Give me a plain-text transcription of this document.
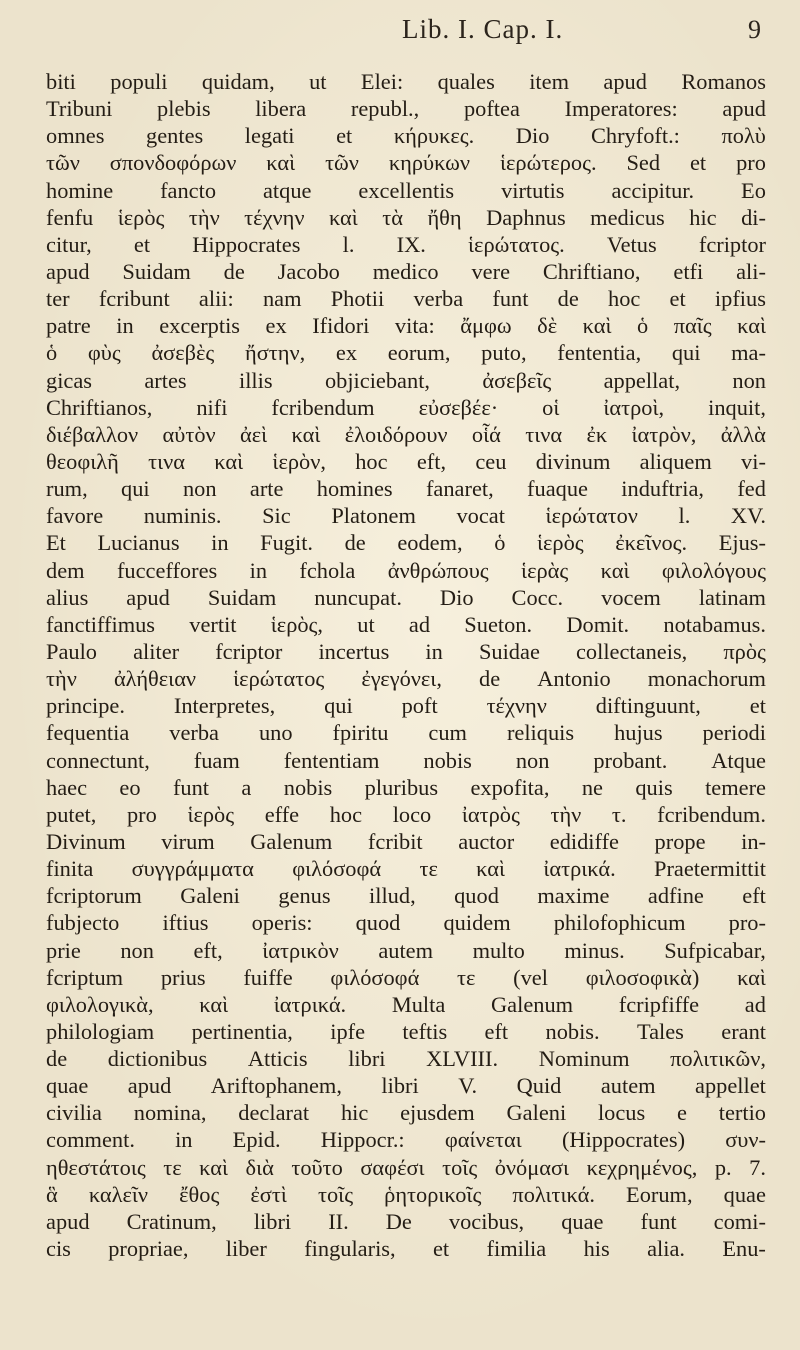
Lib. I. Cap. I.	9
biti populi quidam, ut Elei: quales item apud Romanos
Tribuni plebis libera republ., poftea Imperatores: apud
omnes gentes legati et κήρυκες. Dio Chryfoft.: πολὺ
τῶν σπονδοφόρων καὶ τῶν κηρύκων ἱερώτερος. Sed et pro
homine fancto atque excellentis virtutis accipitur. Eo
fenfu ἱερὸς τὴν τέχνην καὶ τὰ ἤθη Daphnus medicus hic di-
citur, et Hippocrates l. IX. ἱερώτατος. Vetus fcriptor
apud Suidam de Jacobo medico vere Chriftiano, etfi ali-
ter fcribunt alii: nam Photii verba funt de hoc et ipfius
patre in excerptis ex Ifidori vita: ἄμφω δὲ καὶ ὁ παῖς καὶ
ὁ φὺς ἀσεβὲς ἤστην, ex eorum, puto, fententia, qui ma-
gicas artes illis objiciebant, ἀσεβεῖς appellat, non
Chriftianos, nifi fcribendum εὐσεβέε· οἱ ἰατροὶ, inquit,
διέβαλλον αὐτὸν ἀεὶ καὶ ἐλοιδόρουν οἷά τινα ἐκ ἰατρὸν, ἀλλὰ
θεοφιλῆ τινα καὶ ἱερὸν, hoc eft, ceu divinum aliquem vi-
rum, qui non arte homines fanaret, fuaque induftria, fed
favore numinis. Sic Platonem vocat ἱερώτατον l. XV.
Et Lucianus in Fugit. de eodem, ὁ ἱερὸς ἐκεῖνος. Ejus-
dem fucceffores in fchola ἀνθρώπους ἱερὰς καὶ φιλολόγους
alius apud Suidam nuncupat. Dio Cocc. vocem latinam
fanctiffimus vertit ἱερὸς, ut ad Sueton. Domit. notabamus.
Paulo aliter fcriptor incertus in Suidae collectaneis, πρὸς
τὴν ἀλήθειαν ἱερώτατος ἐγεγόνει, de Antonio monachorum
principe. Interpretes, qui poft τέχνην diftinguunt, et
fequentia verba uno fpiritu cum reliquis hujus periodi
connectunt, fuam fententiam nobis non probant. Atque
haec eo funt a nobis pluribus expofita, ne quis temere
putet, pro ἱερὸς effe hoc loco ἰατρὸς τὴν τ. fcribendum.
Divinum virum Galenum fcribit auctor edidiffe prope in-
finita συγγράμματα φιλόσοφά τε καὶ ἰατρικά. Praetermittit
fcriptorum Galeni genus illud, quod maxime adfine eft
fubjecto iftius operis: quod quidem philofophicum pro-
prie non eft, ἰατρικὸν autem multo minus. Sufpicabar,
fcriptum prius fuiffe φιλόσοφά τε (vel φιλοσοφικὰ) καὶ
φιλολογικὰ, καὶ ἰατρικά. Multa Galenum fcripfiffe ad
philologiam pertinentia, ipfe teftis eft nobis. Tales erant
de dictionibus Atticis libri XLVIII. Nominum πολιτικῶν,
quae apud Ariftophanem, libri V. Quid autem appellet
civilia nomina, declarat hic ejusdem Galeni locus e tertio
comment. in Epid. Hippocr.: φαίνεται (Hippocrates) συν-
ηθεστάτοις τε καὶ διὰ τοῦτο σαφέσι τοῖς ὀνόμασι κεχρημένος, p. 7.
ἃ καλεῖν ἔθος ἐστὶ τοῖς ῥητορικοῖς πολιτικά. Eorum, quae
apud Cratinum, libri II. De vocibus, quae funt comi-
cis propriae, liber fingularis, et fimilia his alia. Enu-
